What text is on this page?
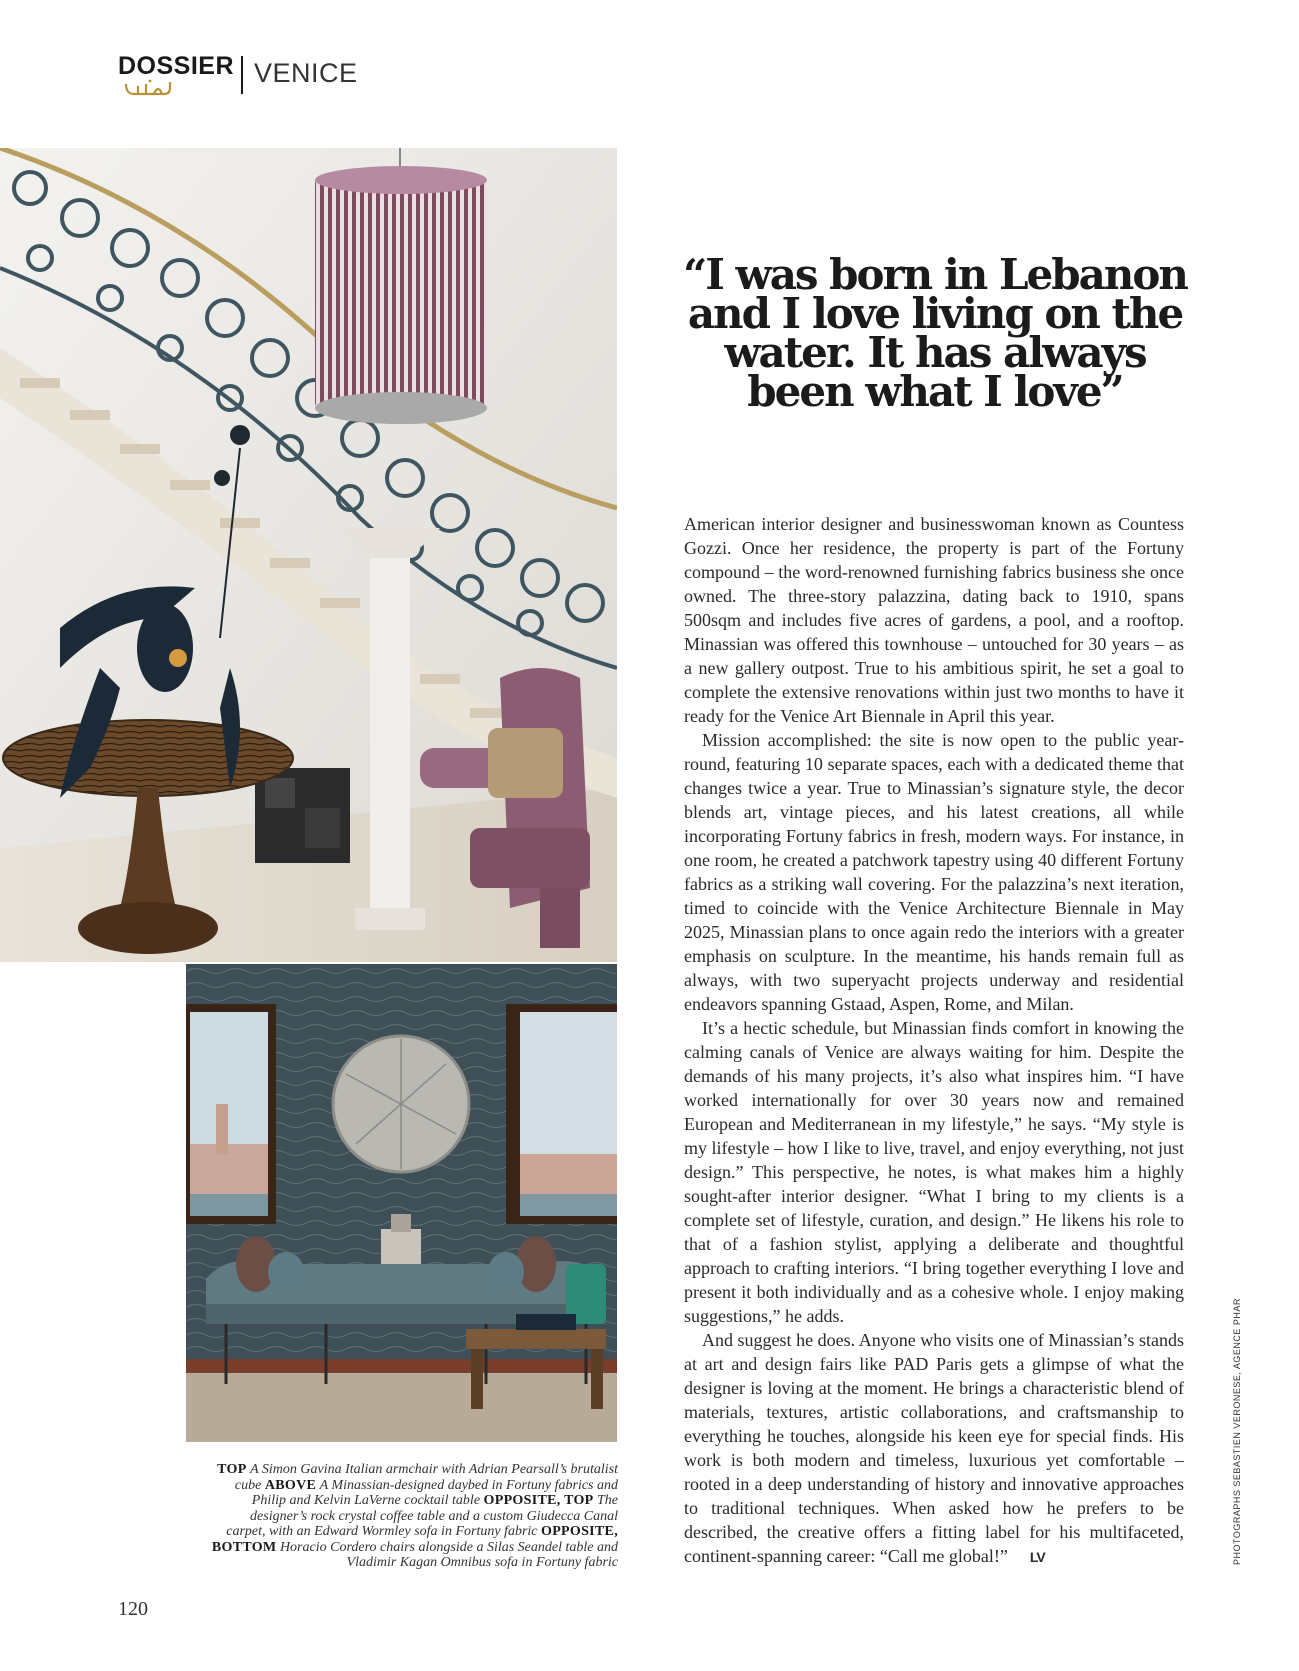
DOSSIER VENICE
“I was born in Lebanon and I love living on the water. It has always been what I love”

American interior designer and businesswoman known as Countess Gozzi. Once her residence, the property is part of the Fortuny compound – the word-renowned furnishing fabrics business she once owned. The three-story palazzina, dating back to 1910, spans 500sqm and includes five acres of gardens, a pool, and a rooftop. Minassian was offered this townhouse – untouched for 30 years – as a new gallery outpost. True to his ambitious spirit, he set a goal to complete the extensive renovations within just two months to have it ready for the Venice Art Biennale in April this year.

Mission accomplished: the site is now open to the public year-round, featuring 10 separate spaces, each with a dedicated theme that changes twice a year. True to Minassian’s signature style, the decor blends art, vintage pieces, and his latest creations, all while incorporating Fortuny fabrics in fresh, modern ways. For instance, in one room, he created a patchwork tapestry using 40 different Fortuny fabrics as a striking wall covering. For the palazzina’s next iteration, timed to coincide with the Venice Architecture Biennale in May 2025, Minassian plans to once again redo the interiors with a greater emphasis on sculpture. In the meantime, his hands remain full as always, with two superyacht projects underway and residential endeavors spanning Gstaad, Aspen, Rome, and Milan.

It’s a hectic schedule, but Minassian finds comfort in knowing the calming canals of Venice are always waiting for him. Despite the demands of his many projects, it’s also what inspires him. “I have worked internationally for over 30 years now and remained European and Mediterranean in my lifestyle,” he says. “My style is my lifestyle – how I like to live, travel, and enjoy everything, not just design.” This perspective, he notes, is what makes him a highly sought-after interior designer. “What I bring to my clients is a complete set of lifestyle, curation, and design.” He likens his role to that of a fashion stylist, applying a deliberate and thoughtful approach to crafting interiors. “I bring together everything I love and present it both individually and as a cohesive whole. I enjoy making suggestions,” he adds.

And suggest he does. Anyone who visits one of Minassian’s stands at art and design fairs like PAD Paris gets a glimpse of what the designer is loving at the moment. He brings a characteristic blend of materials, textures, artistic collaborations, and craftsmanship to everything he touches, alongside his keen eye for special finds. His work is both modern and timeless, luxurious yet comfortable – rooted in a deep understanding of history and innovative approaches to traditional techniques. When asked how he prefers to be described, the creative offers a fitting label for his multifaceted, continent-spanning career: “Call me global!” LV

TOP A Simon Gavina Italian armchair with Adrian Pearsall’s brutalist cube ABOVE A Minassian-designed daybed in Fortuny fabrics and Philip and Kelvin LaVerne cocktail table OPPOSITE, TOP The designer’s rock crystal coffee table and a custom Giudecca Canal carpet, with an Edward Wormley sofa in Fortuny fabric OPPOSITE, BOTTOM Horacio Cordero chairs alongside a Silas Seandel table and Vladimir Kagan Omnibus sofa in Fortuny fabric	PHOTOGRAPHS SEBASTIEN VERONESE, AGENCE PHAR
120
